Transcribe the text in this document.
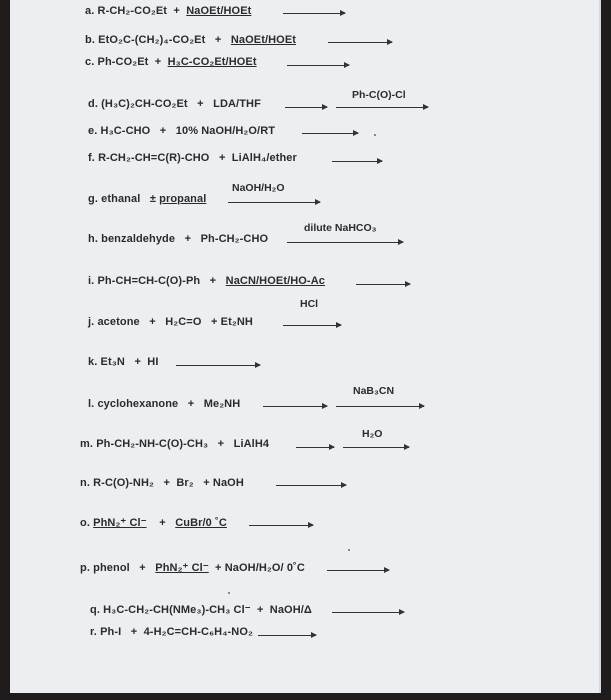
a. R-CH₂-CO₂Et + NaOEt/HOEt
b. EtO₂C-(CH₂)₄-CO₂Et + NaOEt/HOEt
c. Ph-CO₂Et + H₃C-CO₂Et/HOEt
Ph-C(O)-Cl
d. (H₃C)₂CH-CO₂Et + LDA/THF
e. H₃C-CHO + 10% NaOH/H₂O/RT
f. R-CH₂-CH=C(R)-CHO + LiAlH₄/ether
NaOH/H₂O
g. ethanal ± propanal
dilute NaHCO₃
h. benzaldehyde + Ph-CH₂-CHO
i. Ph-CH=CH-C(O)-Ph + NaCN/HOEt/HO-Ac
HCl
j. acetone + H₂C=O + Et₂NH
k. Et₃N + HI
NaB₃CN
l. cyclohexanone + Me₂NH →
H₂O
m. Ph-CH₂-NH-C(O)-CH₃ + LiAlH4
n. R-C(O)-NH₂ + Br₂ + NaOH
o. PhN₂⁺ Cl⁻ + CuBr/0 ˚C →
p. phenol + PhN₂⁺ Cl⁻ + NaOH/H₂O/ 0˚C →
q. H₃C-CH₂-CH(NMe₃)-CH₃ Cl⁻ + NaOH/Δ
r. Ph-I + 4-H₂C=CH-C₆H₄-NO₂ →
